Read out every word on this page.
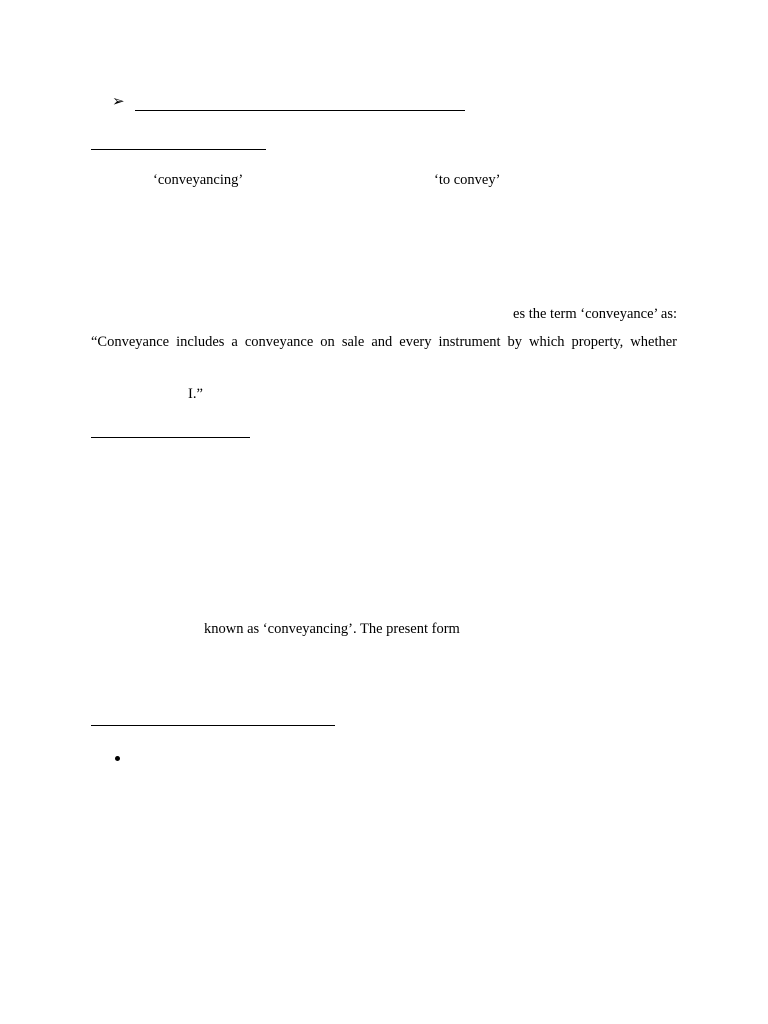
➢
‘conveyancing’	‘to convey’
es the term ‘conveyance’ as:
“Conveyance includes a conveyance on sale and every instrument by which property, whether
I.”
known as ‘conveyancing’. The present form
